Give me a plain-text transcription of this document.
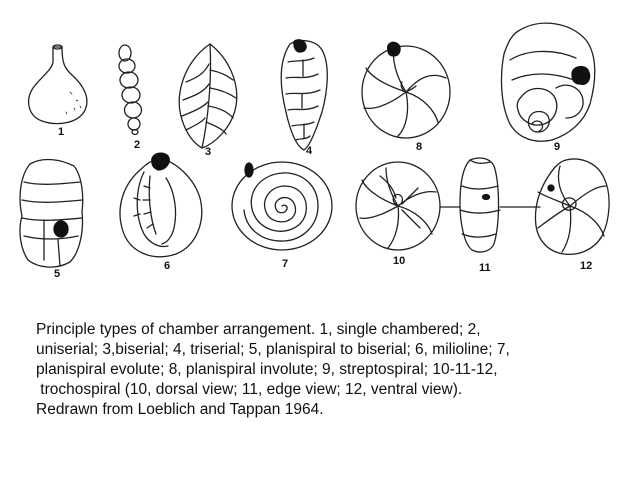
1
2
3	4
5
6	7
8	9
10
11	12
Principle types of chamber arrangement. 1, single chambered; 2,
uniserial; 3,biserial; 4, triserial; 5, planispiral to biserial; 6, milioline; 7,
planispiral evolute; 8, planispiral involute; 9, streptospiral; 10-11-12,
trochospiral (10, dorsal view; 11, edge view; 12, ventral view).
Redrawn from Loeblich and Tappan 1964.
